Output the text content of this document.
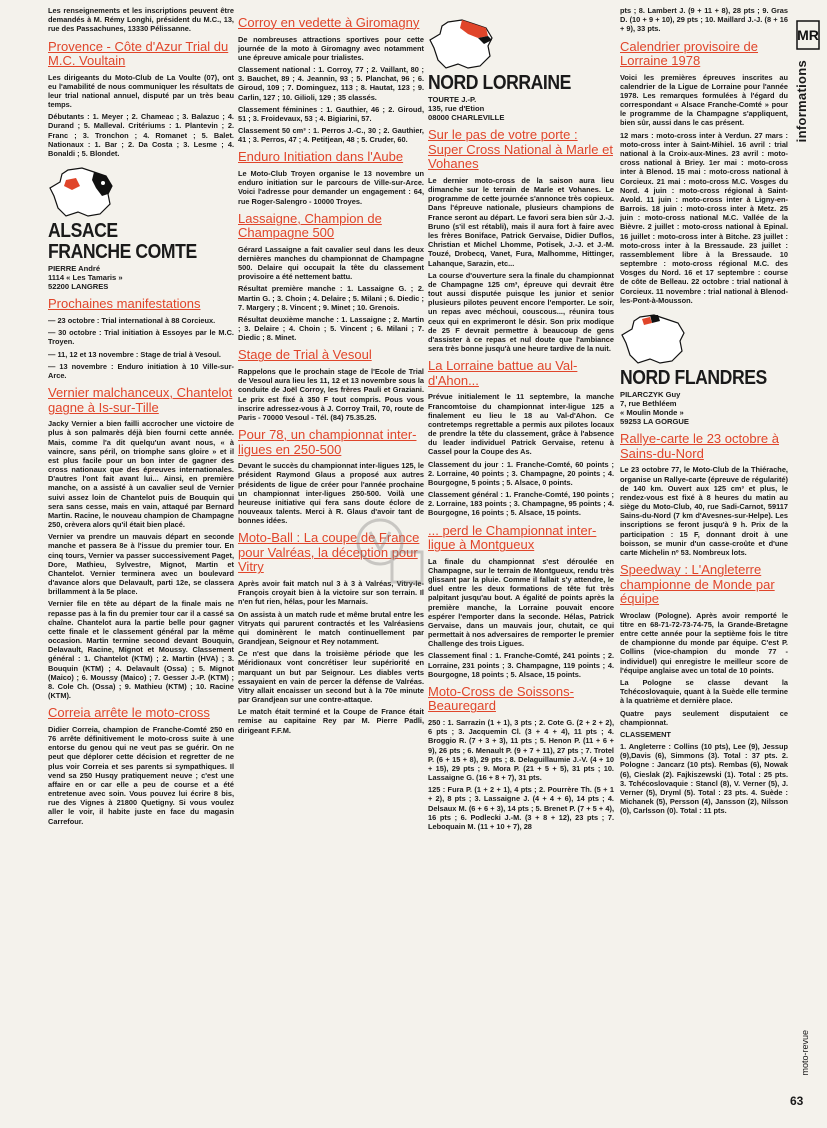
Les renseignements et les inscriptions peuvent être demandés à M. Rémy Longhi, président du M.C., 13, rue des Passachunes, 13330 Pélissanne.

Provence - Côte d'Azur Trial du M.C. Voultain

Les dirigeants du Moto-Club de La Voulte (07), ont eu l'amabilité de nous communiquer les résultats de leur trial national annuel, disputé par un très beau temps.

Débutants : 1. Meyer ; 2. Chameac ; 3. Balazuc ; 4. Durand ; 5. Malleval. Critériums : 1. Plantevin ; 2. Franc ; 3. Tronchon ; 4. Romanet ; 5. Balet. Nationaux : 1. Bar ; 2. Da Costa ; 3. Lesme ; 4. Bonaldi ; 5. Blondet.

ALSACE
FRANCHE COMTE
PIERRE André
1114 « Les Tamaris »
52200 LANGRES
Prochaines manifestations

— 23 octobre : Trial international à 88 Corcieux.

— 30 octobre : Trial initiation à Essoyes par le M.C. Troyen.

— 11, 12 et 13 novembre : Stage de trial à Vesoul.

— 13 novembre : Enduro initiation à 10 Ville-sur-Arce.

Vernier malchanceux, Chantelot gagne à Is-sur-Tille

Jacky Vernier a bien failli accrocher une victoire de plus à son palmarès déjà bien fourni cette année. Mais, comme l'a dit quelqu'un avant nous, « à vaincre, sans péril, on triomphe sans gloire » et il est plus facile pour un bon inter de gagner des cross nationaux que des épreuves internationales. D'autres l'ont fait avant lui... Ainsi, en première manche, on a assisté à un cavalier seul de Vernier suivi assez loin de Chantelot puis de Bouquin qui sera sans cesse, mais en vain, attaqué par Bernard Martin. Racine, le nouveau champion de Champagne 250, crèvera alors qu'il était bien placé.

Vernier va prendre un mauvais départ en seconde manche et passera 8e à l'issue du premier tour. En cinq tours, Vernier va passer successivement Paget, Dore, Mathieu, Sylvestre, Mignot, Martin et Chantelot. Vernier terminera avec un boulevard d'avance alors que Delavault, parti 12e, se classera brillamment à la 5e place.

Vernier file en tête au départ de la finale mais ne repasse pas à la fin du premier tour car il a cassé sa chaîne. Chantelot aura la partie belle pour gagner cette finale et le classement général par la même occasion. Martin termine second devant Bouquin, Delavault, Racine, Mignot et Moussy. Classement général : 1. Chantelot (KTM) ; 2. Martin (HVA) ; 3. Bouquin (KTM) ; 4. Delavault (Ossa) ; 5. Mignot (Maico) ; 6. Moussy (Maico) ; 7. Gesser J.-P. (KTM) ; 8. Cole Ch. (Ossa) ; 9. Mathieu (KTM) ; 10. Racine (KTM).

Correia arrête le moto-cross

Didier Correia, champion de Franche-Comté 250 en 76 arrête définitivement le moto-cross suite à une entorse du genou qui ne veut pas se guérir. On ne peut que déplorer cette décision et regretter de ne plus voir Correia et ses parents si sympathiques. Il vend sa 250 Husqy pratiquement neuve ; c'est une affaire en or car elle a peu de course et a été entretenue avec soin. Vous pouvez lui écrire 8 bis, rue des Vignes à 21800 Quetigny. Si vous voulez aller le voir, il habite juste en face du magasin Carrefour.

Corroy en vedette à Giromagny

De nombreuses attractions sportives pour cette journée de la moto à Giromagny avec notamment une épreuve amicale pour trialistes.

Classement national : 1. Corroy, 77 ; 2. Vaillant, 80 ; 3. Bauchet, 89 ; 4. Jeannin, 93 ; 5. Planchat, 96 ; 6. Giroud, 109 ; 7. Dominguez, 113 ; 8. Hautat, 123 ; 9. Carlin, 127 ; 10. Gilioli, 129 ; 35 classés.

Classement féminines : 1. Gauthier, 46 ; 2. Giroud, 51 ; 3. Froidevaux, 53 ; 4. Bigiarini, 57.

Classement 50 cm³ : 1. Perros J.-C., 30 ; 2. Gauthier, 41 ; 3. Perros, 47 ; 4. Petitjean, 48 ; 5. Cruder, 60.

Enduro Initiation dans l'Aube

Le Moto-Club Troyen organise le 13 novembre un enduro initiation sur le parcours de Ville-sur-Arce. Voici l'adresse pour demander un engagement : 64, rue Roger-Salengro - 10000 Troyes.

Lassaigne, Champion de Champagne 500

Gérard Lassaigne a fait cavalier seul dans les deux dernières manches du championnat de Champagne 500. Delaire qui occupait la tête du classement provisoire a été nettement battu.

Résultat première manche : 1. Lassaigne G. ; 2. Martin G. ; 3. Choin ; 4. Delaire ; 5. Milani ; 6. Diedic ; 7. Margery ; 8. Vincent ; 9. Minet ; 10. Grenois.

Résultat deuxième manche : 1. Lassaigne ; 2. Martin ; 3. Delaire ; 4. Choin ; 5. Vincent ; 6. Milani ; 7. Diedic ; 8. Minet.

Stage de Trial à Vesoul

Rappelons que le prochain stage de l'Ecole de Trial de Vesoul aura lieu les 11, 12 et 13 novembre sous la conduite de Joël Corroy, les frères Pauli et Graziani. Le prix est fixé à 350 F tout compris. Pous vous inscrire adressez-vous à J. Corroy Trail, 70, route de Paris - 70000 Vesoul - Tél. (84) 75.35.25.

Pour 78, un championnat inter-ligues en 250-500

Devant le succès du championnat inter-ligues 125, le président Raymond Glaus a proposé aux autres présidents de ligue de créer pour l'année prochaine un championnat inter-ligues 250-500. Voilà une heureuse initiative qui fera sans doute éclore de nouveaux talents. Merci à R. Glaus d'avoir tant de bonnes idées.

Moto-Ball : La coupe de France pour Valréas, la déception pour Vitry

Après avoir fait match nul 3 à 3 à Valréas, Vitry-le-François croyait bien à la victoire sur son terrain. Il n'en fut rien, hélas, pour les Marnais.

On assista à un match rude et même brutal entre les Vitryats qui parurent contractés et les Valréasiens qui dominèrent le match continuellement par Grandjean, Seignour et Rey notamment.

Ce n'est que dans la troisième période que les Méridionaux vont concrétiser leur supériorité en marquant un but par Seignour. Les diables verts essayaient en vain de percer la défense de Valréas. Vitry allait encaisser un second but à la 70e minute par Grandjean sur une contre-attaque.

Le match était terminé et la Coupe de France était remise au capitaine Rey par M. Pierre Padli, dirigeant F.F.M.

NORD LORRAINE
TOURTE J.-P.
135, rue d'Etion
08000 CHARLEVILLE
Sur le pas de votre porte : Super Cross National à Marle et Vohanes

Le dernier moto-cross de la saison aura lieu dimanche sur le terrain de Marle et Vohanes. Le programme de cette journée s'annonce très copieux. Dans l'épreuve nationale, plusieurs champions de France seront au départ. Le favori sera bien sûr J.-J. Bruno (s'il est rétabli), mais il aura fort à faire avec les frères Boniface, Patrick Gervaise, Didier Duflos, Christian et Michel Lhomme, Potisek, J.-J. et J.-M. Touzé, Drobecq, Vanet, Fura, Malhomme, Hittinger, Lahanque, Sarazin, etc...

La course d'ouverture sera la finale du championnat de Champagne 125 cm³, épreuve qui devrait être tout aussi disputée puisque les junior et senior plusieurs pilotes peuvent encore l'emporter. Le soir, un repas avec méchoui, couscous..., réunira tous ceux qui en exprimeront le désir. Son prix modique de 25 F devrait permettre à beaucoup de gens d'assister à ce repas et nul doute que l'ambiance sera très bonne jusqu'à une heure tardive de la nuit.

La Lorraine battue au Val-d'Ahon...

Prévue initialement le 11 septembre, la manche Francomtoise du championnat inter-ligue 125 a finalement eu lieu le 18 au Val-d'Ahon. Ce contretemps regrettable a permis aux pilotes locaux de prendre la tête du classement, grâce à l'absence du leader individuel Patrick Gervaise, retenu à Cassel pour la Coupe des As.

Classement du jour : 1. Franche-Comté, 60 points ; 2. Lorraine, 40 points ; 3. Champagne, 20 points ; 4. Bourgogne, 5 points ; 5. Alsace, 0 points.

Classement général : 1. Franche-Comté, 190 points ; 2. Lorraine, 183 points ; 3. Champagne, 95 points ; 4. Bourgogne, 16 points ; 5. Alsace, 15 points.

... perd le Championnat inter-ligue à Montgueux

La finale du championnat s'est déroulée en Champagne, sur le terrain de Montgueux, rendu très glissant par la pluie. Comme il fallait s'y attendre, le duel entre les deux formations de tête fut très palpitant jusqu'au bout. A égalité de points après la première manche, la Lorraine pouvait encore espérer l'emporter dans la seconde. Hélas, Patrick Gervaise, dans un mauvais jour, chutait, ce qui permettait à nos adversaires de remporter le premier Challenge des trois Ligues.

Classement final : 1. Franche-Comté, 241 points ; 2. Lorraine, 231 points ; 3. Champagne, 119 points ; 4. Bourgogne, 18 points ; 5. Alsace, 15 points.

Moto-Cross de Soissons-Beauregard

250 : 1. Sarrazin (1 + 1), 3 pts ; 2. Cote G. (2 + 2 + 2), 6 pts ; 3. Jacquemin Cl. (3 + 4 + 4), 11 pts ; 4. Broggio R. (7 + 3 + 3), 11 pts ; 5. Henon P. (11 + 6 + 9), 26 pts ; 6. Menault P. (9 + 7 + 11), 27 pts ; 7. Trotel P. (6 + 15 + 8), 29 pts ; 8. Delaguillaumie J.-V. (4 + 10 + 15), 29 pts ; 9. Mora P. (21 + 5 + 5), 31 pts ; 10. Lassaigne G. (16 + 8 + 7), 31 pts.

125 : Fura P. (1 + 2 + 1), 4 pts ; 2. Pourrère Th. (5 + 1 + 2), 8 pts ; 3. Lassaigne J. (4 + 4 + 6), 14 pts ; 4. Delsaux M. (6 + 6 + 3), 14 pts ; 5. Brenet P. (7 + 5 + 4), 16 pts ; 6. Podlecki J.-M. (3 + 8 + 12), 23 pts ; 7. Leboquain M. (11 + 10 + 7), 28

pts ; 8. Lambert J. (9 + 11 + 8), 28 pts ; 9. Gras D. (10 + 9 + 10), 29 pts ; 10. Maillard J.-J. (8 + 16 + 9), 33 pts.

Calendrier provisoire de Lorraine 1978

Voici les premières épreuves inscrites au calendrier de la Ligue de Lorraine pour l'année 1978. Les remarques formulées à l'égard du correspondant « Alsace Franche-Comté » pour le programme de la Champagne s'appliquent, bien sûr, aussi dans le cas présent.

12 mars : moto-cross inter à Verdun. 27 mars : moto-cross inter à Saint-Mihiel. 16 avril : trial national à la Croix-aux-Mines. 23 avril : moto-cross national à Briey. 1er mai : moto-cross inter à Blenod. 15 mai : moto-cross national à Corcieux. 21 mai : moto-cross M.C. Vosges du Nord. 4 juin : moto-cross régional à Saint-Avold. 11 juin : moto-cross inter à Ligny-en-Barrois. 18 juin : moto-cross inter à Metz. 25 juin : moto-cross national M.C. Vallée de la Bièvre. 2 juillet : moto-cross national à Epinal. 16 juillet : moto-cross inter à Bitche. 23 juillet : moto-cross inter à la Bressaude. 23 juillet : rassemblement libre à la Bressaude. 10 septembre : moto-cross régional M.C. des Vosges du Nord. 16 et 17 septembre : course de côte de Belleau. 22 octobre : trial national à Corcieux. 11 novembre : trial national à Blenod-les-Pont-à-Mousson.

NORD FLANDRES
PILARCZYK Guy
7, rue Bethléem
« Moulin Monde »
59253 LA GORGUE
Rallye-carte le 23 octobre à Sains-du-Nord

Le 23 octobre 77, le Moto-Club de la Thiérache, organise un Rallye-carte (épreuve de régularité) de 140 km. Ouvert aux 125 cm³ et plus, le rendez-vous est fixé à 8 heures du matin au siège du Moto-Club, 40, rue Sadi-Carnot, 59117 Sains-du-Nord (7 km d'Avesnes-sur-Helpe). Les inscriptions se feront jusqu'à 9 h. Prix de la participation : 15 F, donnant droit à une boisson, se munir d'un casse-croûte et d'une carte Michelin nº 53. Nombreux lots.

Speedway : L'Angleterre championne de Monde par équipe

Wroclaw (Pologne). Après avoir remporté le titre en 68-71-72-73-74-75, la Grande-Bretagne entre cette année pour la septième fois le titre de championne du monde par équipe. C'est P. Collins (vice-champion du monde 77 - individuel) qui enregistre le meilleur score de l'équipe anglaise avec un total de 10 points.

La Pologne se classe devant la Tchécoslovaquie, quant à la Suède elle termine à la quatrième et dernière place.

Quatre pays seulement disputaient ce championnat.

CLASSEMENT

1. Angleterre : Collins (10 pts), Lee (9), Jessup (9),Davis (6), Simmons (3). Total : 37 pts. 2. Pologne : Jancarz (10 pts). Rembas (6), Nowak (6), Cieslak (2). Fajkiszewski (1). Total : 25 pts. 3. Tchécoslovaquie : Stancl (8), V. Verner (5), J. Verner (5), Dryml (5). Total : 23 pts. 4. Suède : Michanek (5), Persson (4), Jansson (2), Nilsson (0), Carlsson (0). Total : 11 pts.

MR
informations
moto-revue
63
